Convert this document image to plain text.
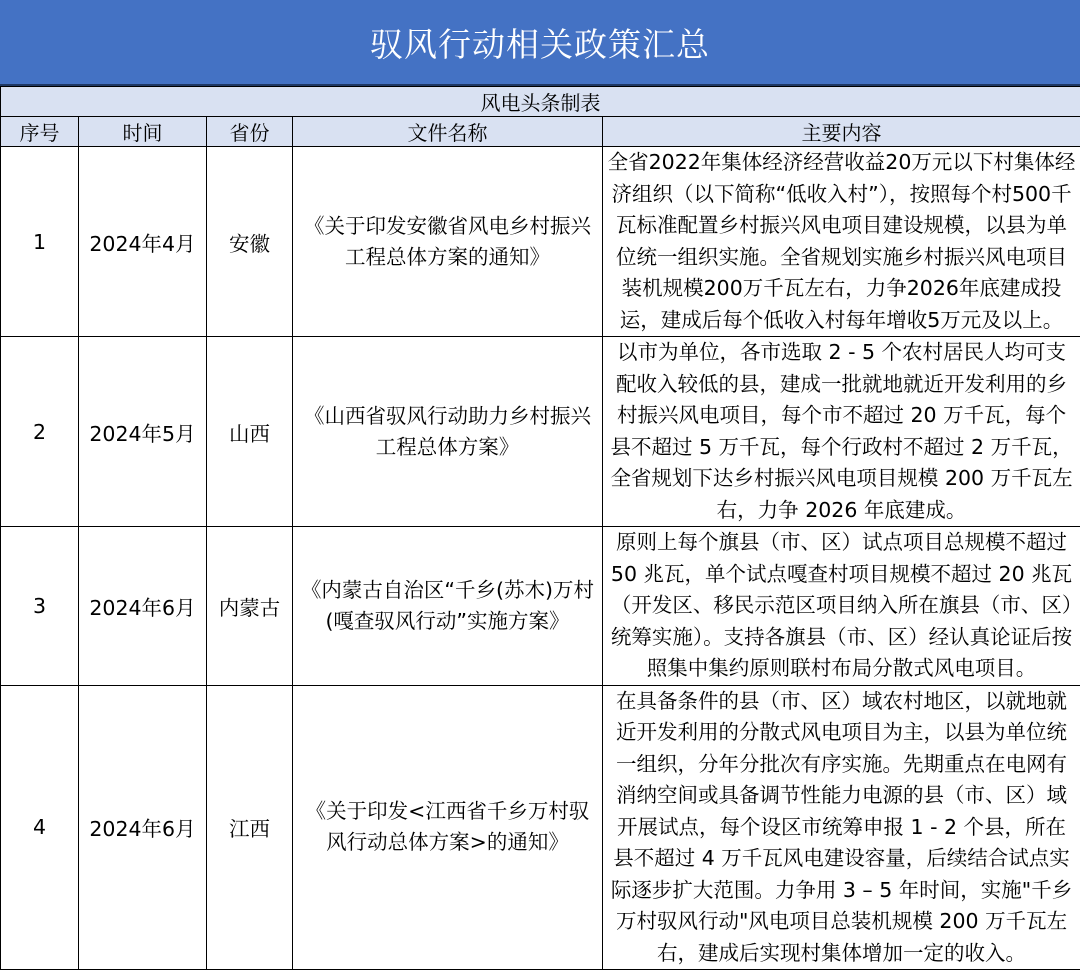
驭风行动相关政策汇总
风电头条制表				
序号	时间	省份	文件名称	主要内容
1	2024年4月	安徽	《关于印发安徽省风电乡村振兴工程总体方案的通知》	全省2022年集体经济经营收益20万元以下村集体经济组织（以下简称“低收入村”），按照每个村500千瓦标准配置乡村振兴风电项目建设规模，以县为单位统一组织实施。全省规划实施乡村振兴风电项目装机规模200万千瓦左右，力争2026年底建成投运，建成后每个低收入村每年增收5万元及以上。
2	2024年5月	山西	《山西省驭风行动助力乡村振兴工程总体方案》	以市为单位，各市选取 2 - 5 个农村居民人均可支配收入较低的县，建成一批就地就近开发利用的乡村振兴风电项目，每个市不超过 20 万千瓦，每个县不超过 5 万千瓦，每个行政村不超过 2 万千瓦，全省规划下达乡村振兴风电项目规模 200 万千瓦左右，力争 2026 年底建成。
3	2024年6月	内蒙古	《内蒙古自治区“千乡(苏木)万村(嘎查驭风行动”实施方案》	原则上每个旗县（市、区）试点项目总规模不超过 50 兆瓦，单个试点嘎查村项目规模不超过 20 兆瓦（开发区、移民示范区项目纳入所在旗县（市、区）统筹实施）。支持各旗县（市、区）经认真论证后按照集中集约原则联村布局分散式风电项目。
4	2024年6月	江西	《关于印发<江西省千乡万村驭风行动总体方案>的通知》	在具备条件的县（市、区）域农村地区，以就地就近开发利用的分散式风电项目为主，以县为单位统一组织，分年分批次有序实施。先期重点在电网有消纳空间或具备调节性能力电源的县（市、区）域开展试点，每个设区市统筹申报 1 - 2 个县，所在县不超过 4 万千瓦风电建设容量，后续结合试点实际逐步扩大范围。力争用 3 – 5 年时间，实施"千乡万村驭风行动"风电项目总装机规模 200 万千瓦左右，建成后实现村集体增加一定的收入。
